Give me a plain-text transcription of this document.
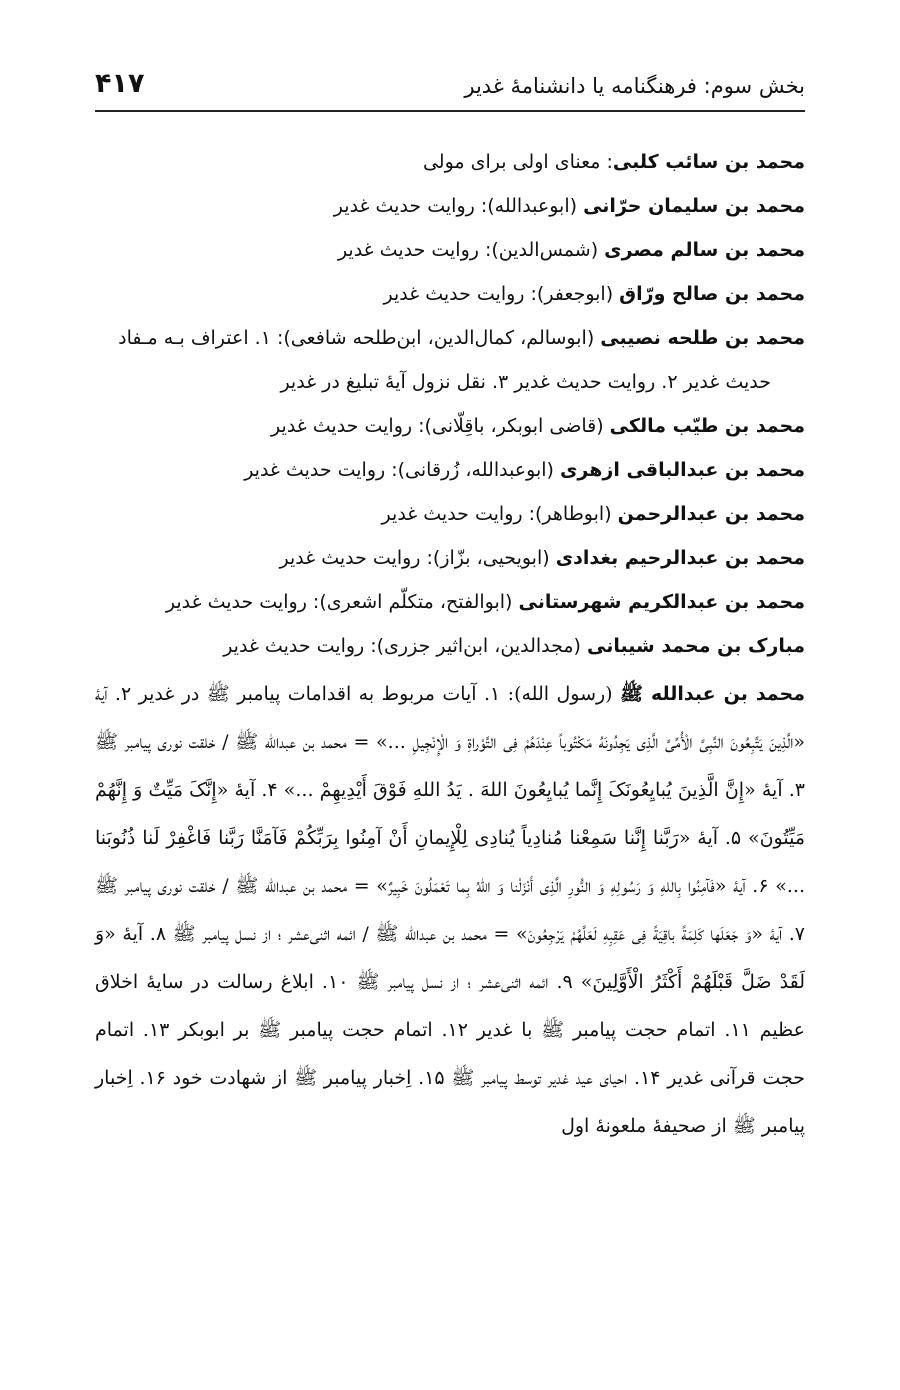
بخش سوم: فرهنگنامه یا دانشنامهٔ غدیر
۴۱۷

محمد بن سائب کلبی: معنای اولی برای مولی

محمد بن سلیمان حرّانی (ابوعبدالله): روایت حدیث غدیر

محمد بن سالم مصری (شمس‌الدین): روایت حدیث غدیر

محمد بن صالح ورّاق (ابوجعفر): روایت حدیث غدیر

محمد بن طلحه نصیبی (ابوسالم، کمال‌الدین، ابن‌طلحه شافعی): ۱. اعتراف بـه مـفاد

حدیث غدیر ۲. روایت حدیث غدیر ۳. نقل نزول آیهٔ تبلیغ در غدیر

محمد بن طیّب مالکی (قاضی ابوبکر، باقِلّانی): روایت حدیث غدیر

محمد بن عبدالباقی ازهری (ابوعبدالله، زُرقانی): روایت حدیث غدیر

محمد بن عبدالرحمن (ابوطاهر): روایت حدیث غدیر

محمد بن عبدالرحیم بغدادی (ابویحیی، بزّاز): روایت حدیث غدیر

محمد بن عبدالکریم شهرستانی (ابوالفتح، متکلّم اشعری): روایت حدیث غدیر

مبارک بن محمد شیبانی (مجدالدین، ابن‌اثیر جزری): روایت حدیث غدیر

محمد بن عبدالله ﷺ (رسول الله): ۱. آیات مربوط به اقدامات پیامبر ﷺ در غدیر ۲. آیهٔ «الَّذِینَ یَتَّبِعُونَ النَّبِیَّ الْأُمِّیَّ الَّذِی یَجِدُونَهُ مَکْتُوباً عِنْدَهُمْ فِی التَّوْراةِ وَ الْإِنْجِیلِ ...» = محمد بن عبدالله ﷺ / خلقت نوری پیامبر ﷺ ۳. آیهٔ «إِنَّ الَّذِینَ یُبایِعُونَکَ إِنَّما یُبایِعُونَ اللهَ . یَدُ اللهِ فَوْقَ أَیْدِیهِمْ ...» ۴. آیهٔ «إِنَّکَ مَیِّتٌ وَ إِنَّهُمْ مَیِّتُونَ» ۵. آیهٔ «رَبَّنا إِنَّنا سَمِعْنا مُنادِیاً یُنادِی لِلْإِیمانِ أَنْ آمِنُوا بِرَبِّکُمْ فَآمَنَّا رَبَّنا فَاغْفِرْ لَنا ذُنُوبَنا ...» ۶. آیهٔ «فَآمِنُوا بِاللهِ وَ رَسُولِهِ وَ النُّورِ الَّذِی أَنْزَلْنا وَ اللهُ بِما تَعْمَلُونَ خَبِیرٌ» = محمد بن عبدالله ﷺ / خلقت نوری پیامبر ﷺ ۷. آیهٔ «وَ جَعَلَها کَلِمَةً باقِیَةً فِی عَقِبِهِ لَعَلَّهُمْ یَرْجِعُونَ» = محمد بن عبدالله ﷺ / ائمه اثنی‌عشر ؛ از نسل پیامبر ﷺ ۸. آیهٔ «وَ لَقَدْ ضَلَّ قَبْلَهُمْ أَکْثَرُ الْأَوَّلِینَ» ۹. ائمه اثنی‌عشر ؛ از نسل پیامبر ﷺ ۱۰. ابلاغ رسالت در سایهٔ اخلاق عظیم ۱۱. اتمام حجت پیامبر ﷺ با غدیر ۱۲. اتمام حجت پیامبر ﷺ بر ابوبکر ۱۳. اتمام حجت قرآنی غدیر ۱۴. احیای عید غدیر توسط پیامبر ﷺ ۱۵. اِخبار پیامبر ﷺ از شهادت خود ۱۶. اِخبار پیامبر ﷺ از صحیفهٔ ملعونهٔ اول
